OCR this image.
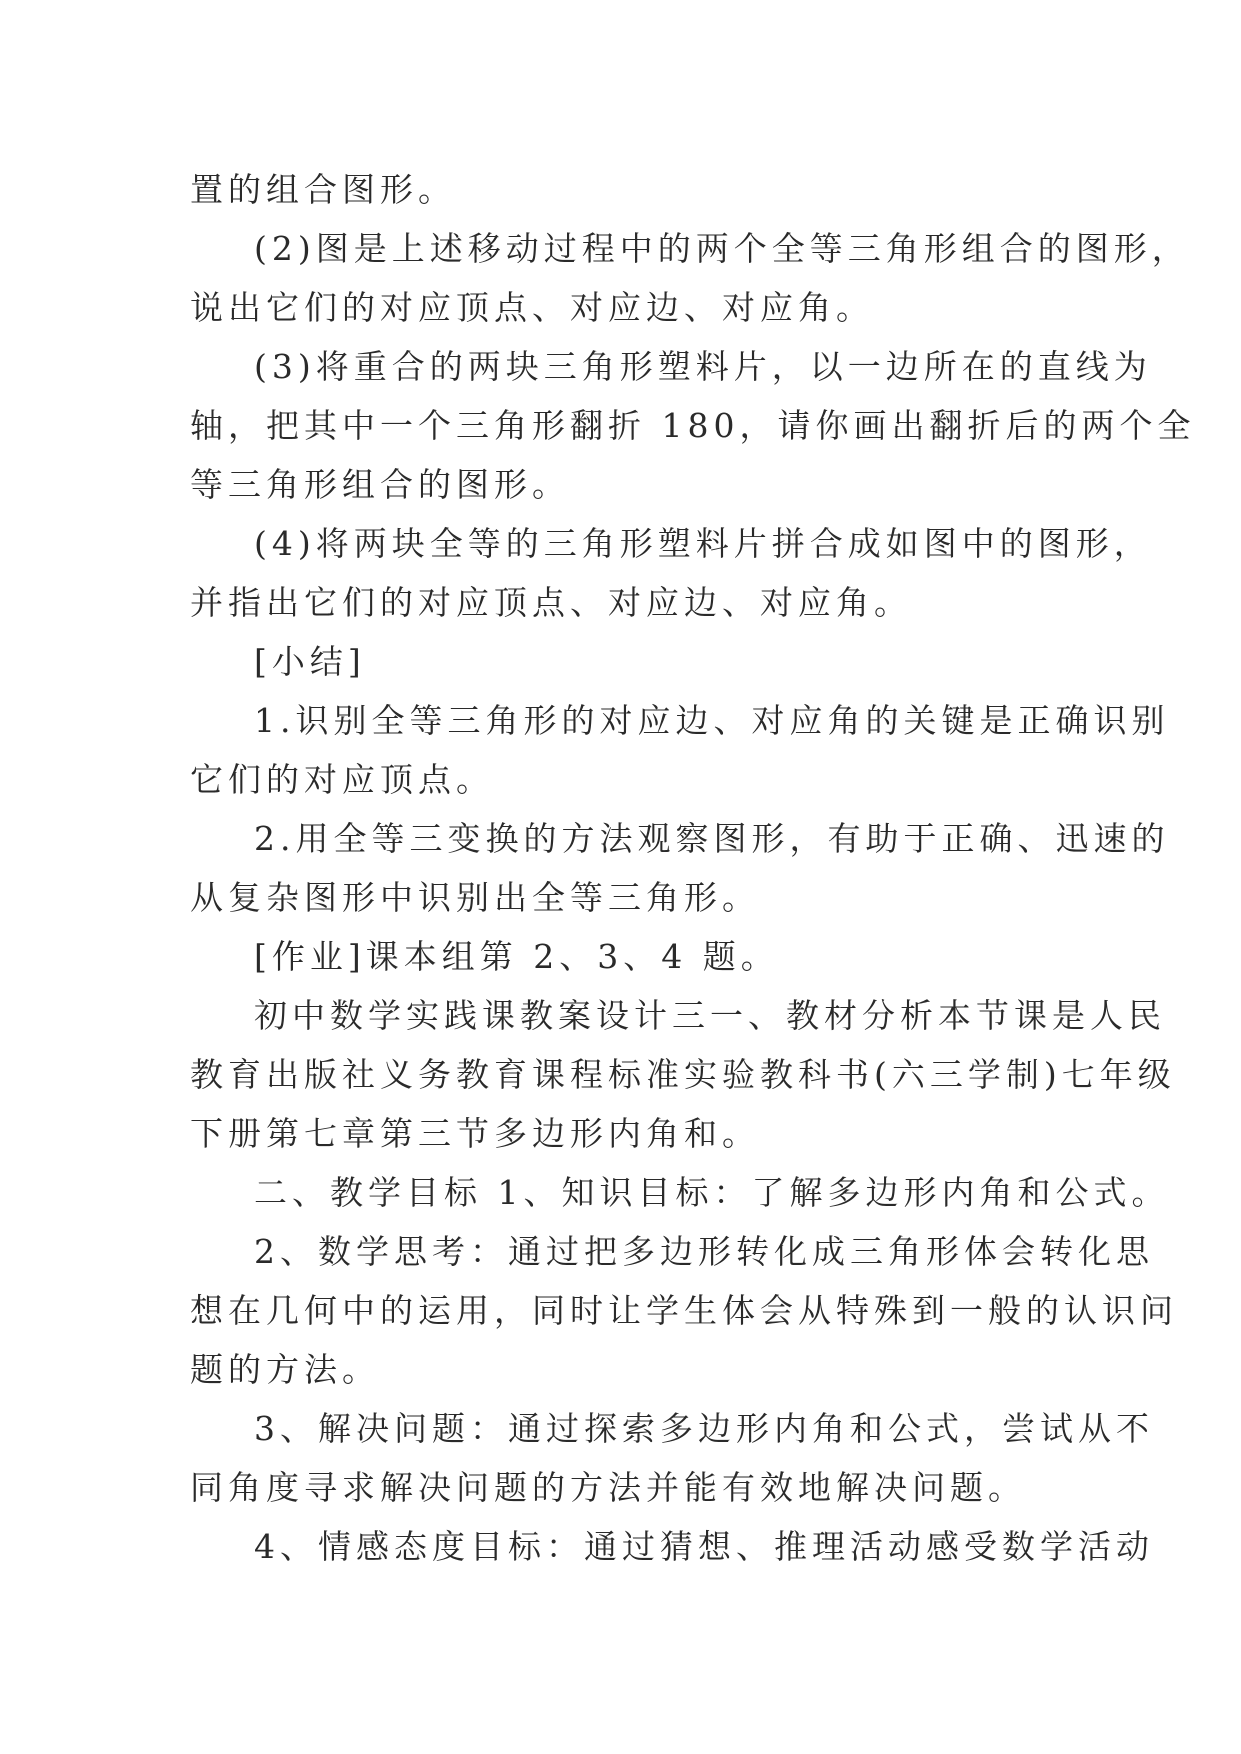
置的组合图形。
(2)图是上述移动过程中的两个全等三角形组合的图形，
说出它们的对应顶点、对应边、对应角。
(3)将重合的两块三角形塑料片，以一边所在的直线为
轴，把其中一个三角形翻折 180，请你画出翻折后的两个全
等三角形组合的图形。
(4)将两块全等的三角形塑料片拼合成如图中的图形，
并指出它们的对应顶点、对应边、对应角。
[小结]
1.识别全等三角形的对应边、对应角的关键是正确识别
它们的对应顶点。
2.用全等三变换的方法观察图形，有助于正确、迅速的
从复杂图形中识别出全等三角形。
[作业]课本组第 2、3、4 题。
初中数学实践课教案设计三一、教材分析本节课是人民
教育出版社义务教育课程标准实验教科书(六三学制)七年级
下册第七章第三节多边形内角和。
二、教学目标 1、知识目标：了解多边形内角和公式。
2、数学思考：通过把多边形转化成三角形体会转化思
想在几何中的运用，同时让学生体会从特殊到一般的认识问
题的方法。
3、解决问题：通过探索多边形内角和公式，尝试从不
同角度寻求解决问题的方法并能有效地解决问题。
4、情感态度目标：通过猜想、推理活动感受数学活动
